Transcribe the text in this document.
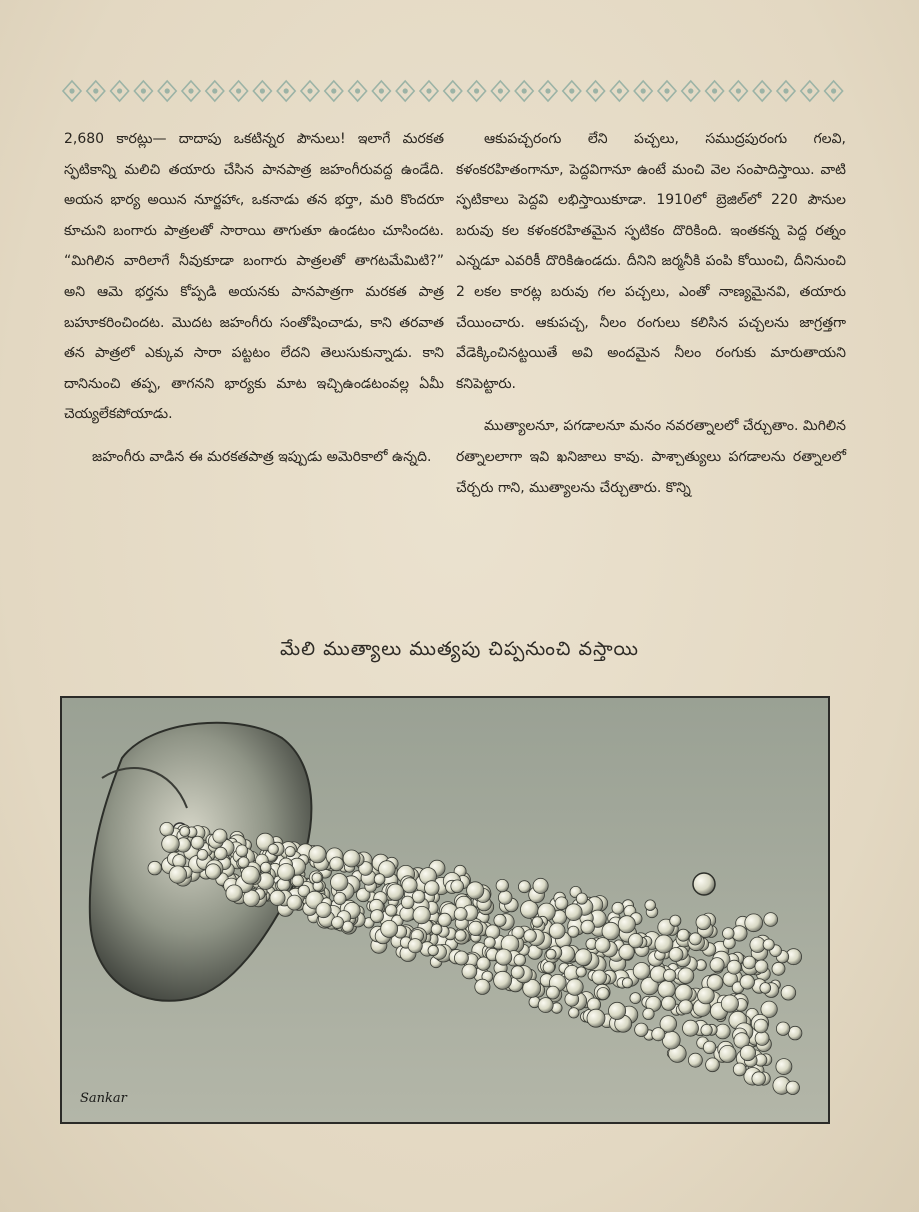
2,680 కారట్లు— దాదాపు ఒకటిన్నర పౌనులు! ఇలాగే మరకత స్ఫటికాన్ని మలిచి తయారు చేసిన పానపాత్ర జహంగీరువద్ద ఉండేది. అయన భార్య అయిన నూర్జహాఁ, ఒకనాడు తన భర్తా, మరి కొందరూ కూచుని బంగారు పాత్రలతో సారాయి తాగుతూ ఉండటం చూసిందట. “మిగిలిన వారిలాగే నీవుకూడా బంగారు పాత్రలతో తాగటమేమిటి?” అని ఆమె భర్తను కోప్పడి అయనకు పానపాత్రగా మరకత పాత్ర బహూకరించిందట. మొదట జహంగీరు సంతోషించాడు, కాని తరవాత తన పాత్రలో ఎక్కువ సారా పట్టటం లేదని తెలుసుకున్నాడు. కాని దానినుంచి తప్ప, తాగనని భార్యకు మాట ఇచ్చిఉండటంవల్ల ఏమీ చెయ్యలేకపోయాడు.

జహంగీరు వాడిన ఈ మరకతపాత్ర ఇప్పుడు అమెరికాలో ఉన్నది.

ఆకుపచ్చరంగు లేని పచ్చలు, సముద్రపురంగు గలవి, కళంకరహితంగానూ, పెద్దవిగానూ ఉంటే మంచి వెల సంపాదిస్తాయి. వాటి స్ఫటికాలు పెద్దవి లభిస్తాయికూడా. 1910లో బ్రెజిల్‌లో 220 పౌనుల బరువు కల కళంకరహితమైన స్ఫటికం దొరికింది. ఇంతకన్న పెద్ద రత్నం ఎన్నడూ ఎవరికీ దొరికిఉండదు. దీనిని జర్మనీకి పంపి కోయించి, దీనినుంచి 2 లకల కారట్ల బరువు గల పచ్చలు, ఎంతో నాణ్యమైనవి, తయారు చేయించారు. ఆకుపచ్చ, నీలం రంగులు కలిసిన పచ్చలను జాగ్రత్తగా వేడెక్కించినట్టయితే అవి అందమైన నీలం రంగుకు మారుతాయని కనిపెట్టారు.

ముత్యాలనూ, పగడాలనూ మనం నవరత్నాలలో చేర్చుతాం. మిగిలిన రత్నాలలాగా ఇవి ఖనిజాలు కావు. పాశ్చాత్యులు పగడాలను రత్నాలలో చేర్చరు గాని, ముత్యాలను చేర్చుతారు. కొన్ని

మేలి ముత్యాలు ముత్యపు చిప్పనుంచి వస్తాయి
Sankar
